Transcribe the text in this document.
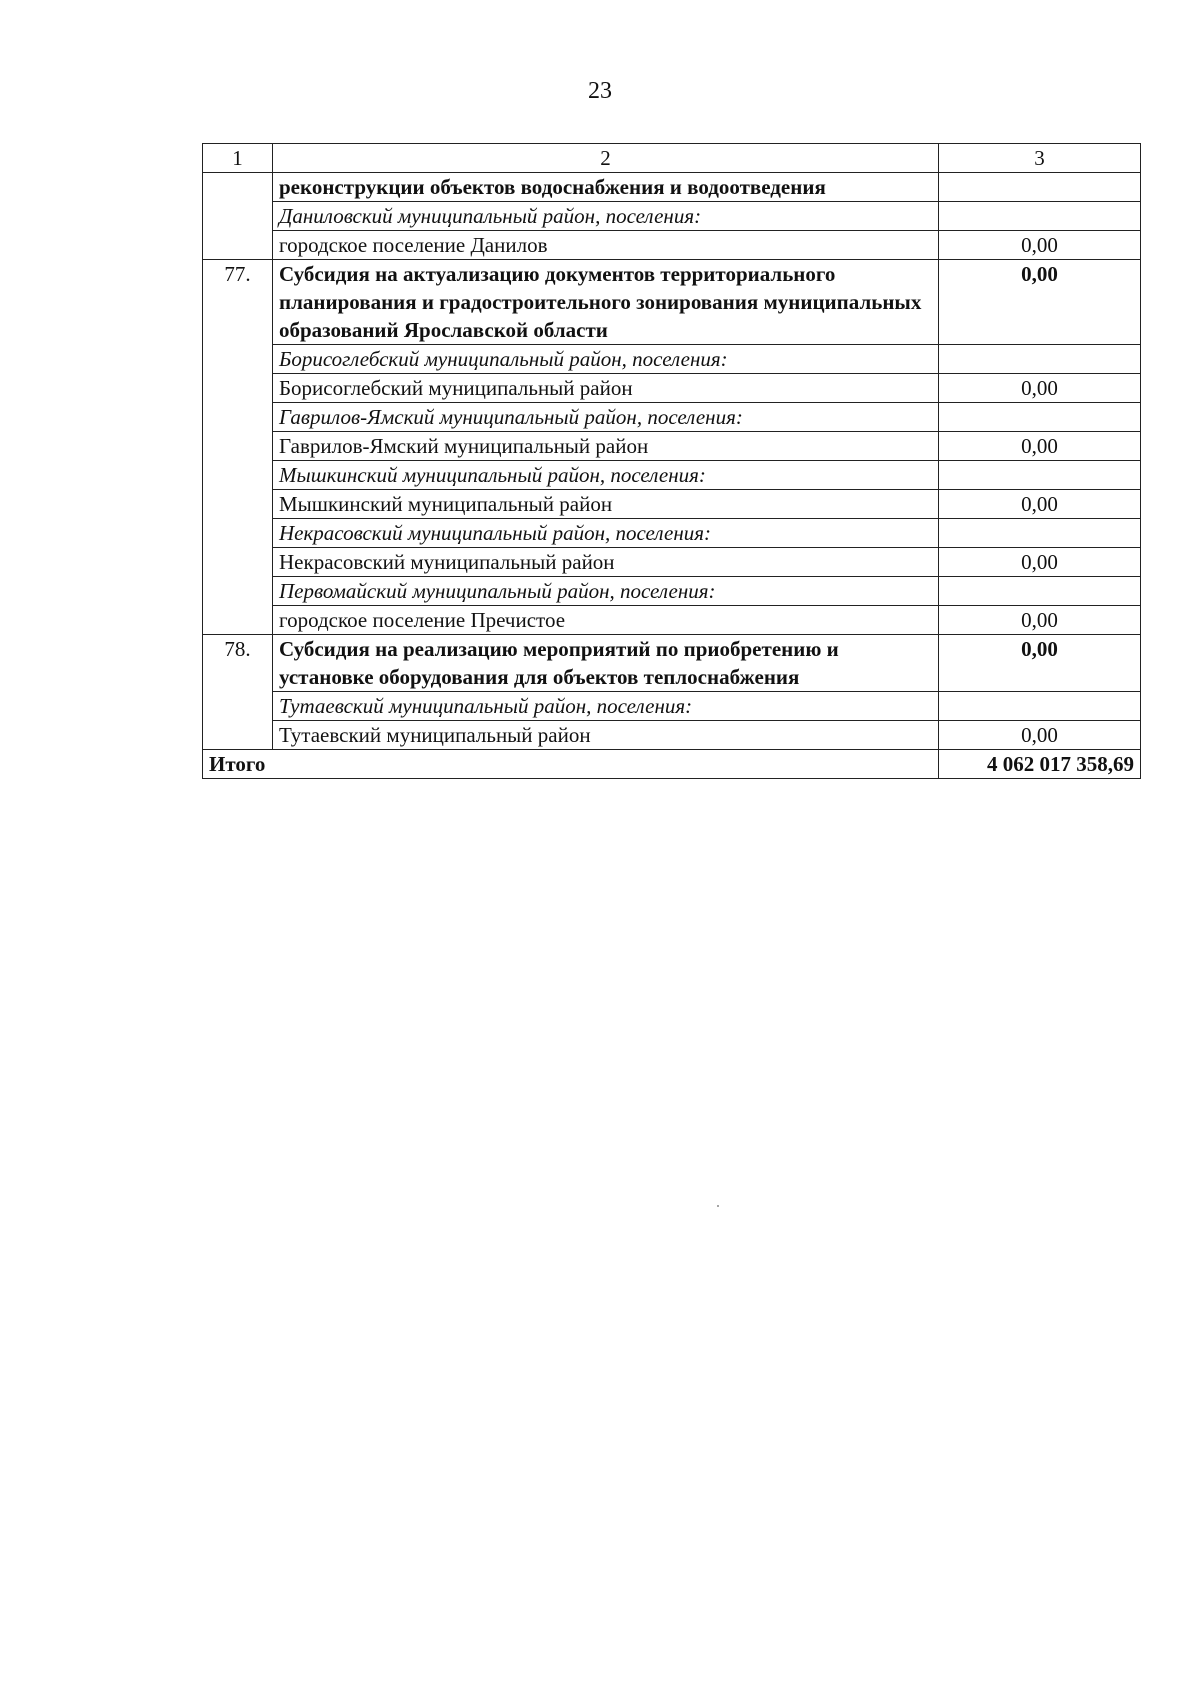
23
1	2	3
	реконструкции объектов водоснабжения и водоотведения	
	Даниловский муниципальный район, поселения:	
	городское поселение Данилов	0,00
77.	Субсидия на актуализацию документов территориального планирования и градостроительного зонирования муниципальных образований Ярославской области	0,00
	Борисоглебский муниципальный район, поселения:	
	Борисоглебский муниципальный район	0,00
	Гаврилов-Ямский муниципальный район, поселения:	
	Гаврилов-Ямский муниципальный район	0,00
	Мышкинский муниципальный район, поселения:	
	Мышкинский муниципальный район	0,00
	Некрасовский муниципальный район, поселения:	
	Некрасовский муниципальный район	0,00
	Первомайский муниципальный район, поселения:	
	городское поселение Пречистое	0,00
78.	Субсидия на реализацию мероприятий по приобретению и установке оборудования для объектов теплоснабжения	0,00
	Тутаевский муниципальный район, поселения:	
	Тутаевский муниципальный район	0,00
Итого		4 062 017 358,69
